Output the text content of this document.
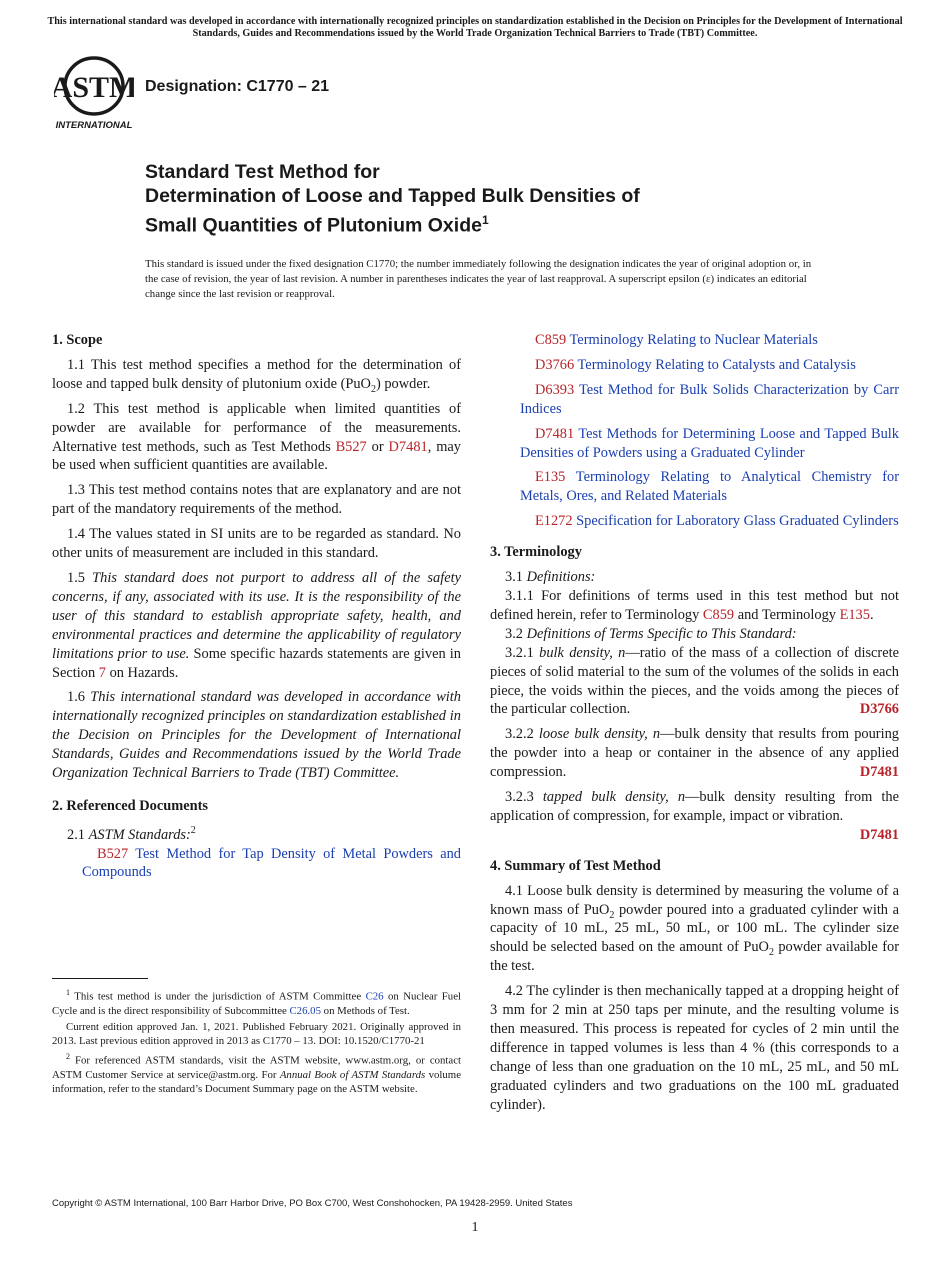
This international standard was developed in accordance with internationally recognized principles on standardization established in the Decision on Principles for the Development of International Standards, Guides and Recommendations issued by the World Trade Organization Technical Barriers to Trade (TBT) Committee.
ASTM
INTERNATIONAL
Designation: C1770 – 21
Standard Test Method for
Determination of Loose and Tapped Bulk Densities of
Small Quantities of Plutonium Oxide$^1$
This standard is issued under the fixed designation C1770; the number immediately following the designation indicates the year of original adoption or, in the case of revision, the year of last revision. A number in parentheses indicates the year of last reapproval. A superscript epsilon (ε) indicates an editorial change since the last revision or reapproval.
1. Scope

1.1 This test method specifies a method for the determination of loose and tapped bulk density of plutonium oxide (PuO$_2$) powder.

1.2 This test method is applicable when limited quantities of powder are available for performance of the measurements. Alternative test methods, such as Test Methods B527 or D7481, may be used when sufficient quantities are available.

1.3 This test method contains notes that are explanatory and are not part of the mandatory requirements of the method.

1.4 The values stated in SI units are to be regarded as standard. No other units of measurement are included in this standard.

1.5 This standard does not purport to address all of the safety concerns, if any, associated with its use. It is the responsibility of the user of this standard to establish appropriate safety, health, and environmental practices and determine the applicability of regulatory limitations prior to use. Some specific hazards statements are given in Section 7 on Hazards.

1.6 This international standard was developed in accordance with internationally recognized principles on standardization established in the Decision on Principles for the Development of International Standards, Guides and Recommendations issued by the World Trade Organization Technical Barriers to Trade (TBT) Committee.

2. Referenced Documents

2.1 ASTM Standards:$^2$

B527 Test Method for Tap Density of Metal Powders and Compounds

C859 Terminology Relating to Nuclear Materials

D3766 Terminology Relating to Catalysts and Catalysis

D6393 Test Method for Bulk Solids Characterization by Carr Indices

D7481 Test Methods for Determining Loose and Tapped Bulk Densities of Powders using a Graduated Cylinder

E135 Terminology Relating to Analytical Chemistry for Metals, Ores, and Related Materials

E1272 Specification for Laboratory Glass Graduated Cylinders

3. Terminology

3.1 Definitions:

3.1.1 For definitions of terms used in this test method but not defined herein, refer to Terminology C859 and Terminology E135.

3.2 Definitions of Terms Specific to This Standard:

3.2.1 bulk density, n—ratio of the mass of a collection of discrete pieces of solid material to the sum of the volumes of the solids in each piece, the voids within the pieces, and the voids among the pieces of the particular collection.	D3766

3.2.2 loose bulk density, n—bulk density that results from pouring the powder into a heap or container in the absence of any applied compression.	D7481

3.2.3 tapped bulk density, n—bulk density resulting from the application of compression, for example, impact or vibration.

D7481
4. Summary of Test Method

4.1 Loose bulk density is determined by measuring the volume of a known mass of PuO$_2$ powder poured into a graduated cylinder with a capacity of 10 mL, 25 mL, 50 mL, or 100 mL. The cylinder size should be selected based on the amount of PuO$_2$ powder available for the test.

4.2 The cylinder is then mechanically tapped at a dropping height of 3 mm for 2 min at 250 taps per minute, and the resulting volume is then measured. This process is repeated for cycles of 2 min until the difference in tapped volumes is less than 4 % (this corresponds to a change of less than one graduation on the 10 mL, 25 mL, and 50 mL graduated cylinders and two graduations on the 100 mL graduated cylinder).

$^1$ This test method is under the jurisdiction of ASTM Committee C26 on Nuclear Fuel Cycle and is the direct responsibility of Subcommittee C26.05 on Methods of Test.

Current edition approved Jan. 1, 2021. Published February 2021. Originally approved in 2013. Last previous edition approved in 2013 as C1770 – 13. DOI: 10.1520/C1770-21

$^2$ For referenced ASTM standards, visit the ASTM website, www.astm.org, or contact ASTM Customer Service at service@astm.org. For Annual Book of ASTM Standards volume information, refer to the standard’s Document Summary page on the ASTM website.

Copyright © ASTM International, 100 Barr Harbor Drive, PO Box C700, West Conshohocken, PA 19428-2959. United States
1
